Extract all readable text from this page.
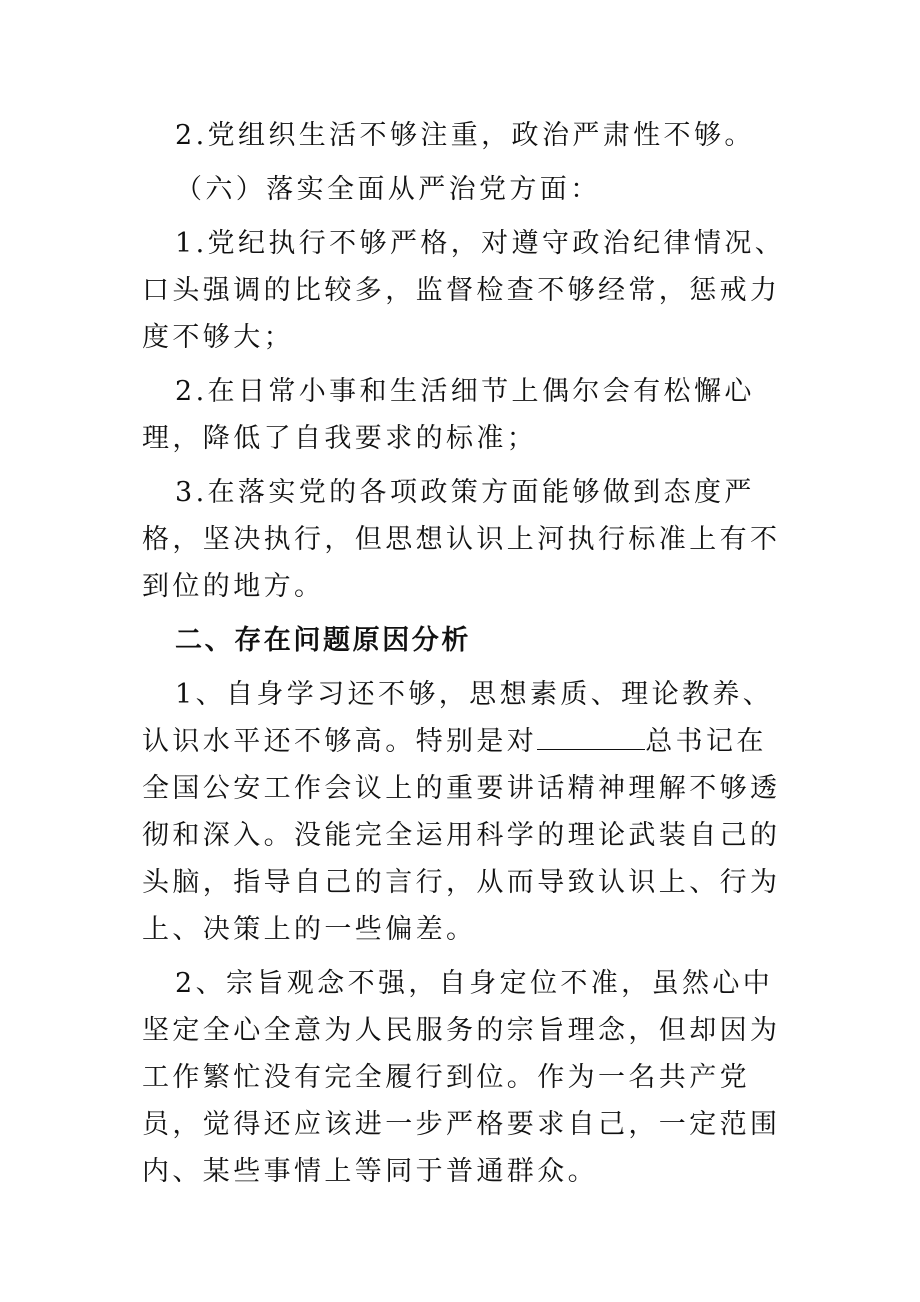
2.党组织生活不够注重，政治严肃性不够。

（六）落实全面从严治党方面：

1.党纪执行不够严格，对遵守政治纪律情况、口头强调的比较多，监督检查不够经常，惩戒力度不够大；

2.在日常小事和生活细节上偶尔会有松懈心理，降低了自我要求的标准；

3.在落实党的各项政策方面能够做到态度严格，坚决执行，但思想认识上河执行标准上有不到位的地方。

二、存在问题原因分析

1、自身学习还不够，思想素质、理论教养、认识水平还不够高。特别是对	总书记在全国公安工作会议上的重要讲话精神理解不够透彻和深入。没能完全运用科学的理论武装自己的头脑，指导自己的言行，从而导致认识上、行为上、决策上的一些偏差。

2、宗旨观念不强，自身定位不准，虽然心中坚定全心全意为人民服务的宗旨理念，但却因为工作繁忙没有完全履行到位。作为一名共产党员，觉得还应该进一步严格要求自己，一定范围内、某些事情上等同于普通群众。
